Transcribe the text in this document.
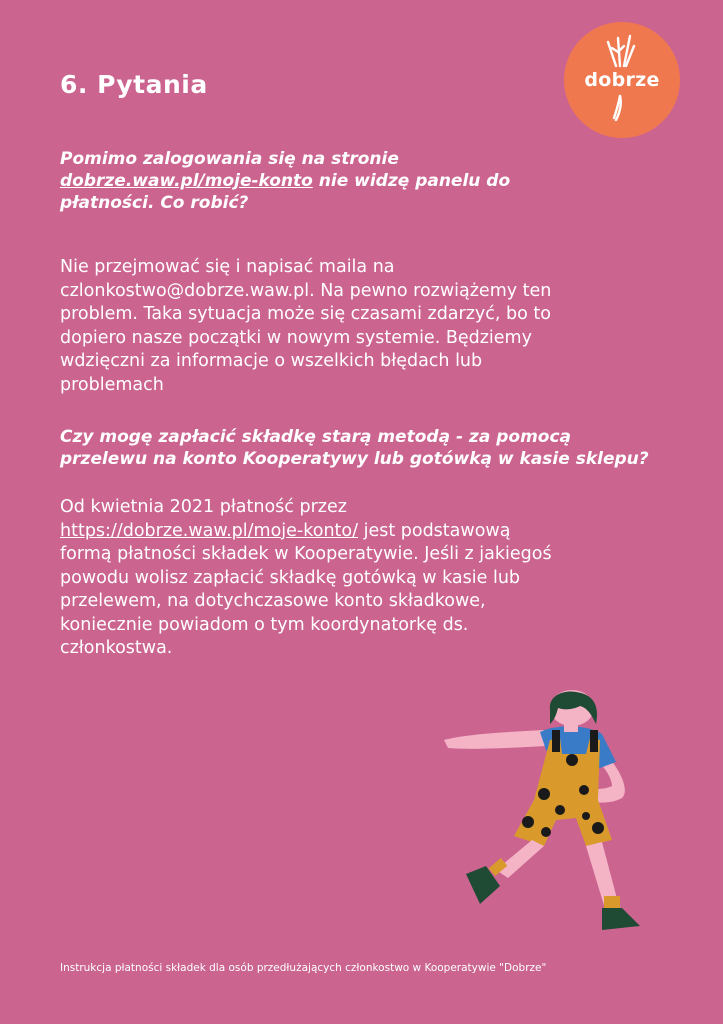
6. Pytania	dobrze
Pomimo zalogowania się na stronie
dobrze.waw.pl/moje-konto nie widzę panelu do
płatności. Co robić?
Nie przejmować się i napisać maila na
czlonkostwo@dobrze.waw.pl. Na pewno rozwiążemy ten
problem. Taka sytuacja może się czasami zdarzyć, bo to
dopiero nasze początki w nowym systemie. Będziemy
wdzięczni za informacje o wszelkich błędach lub
problemach
Czy mogę zapłacić składkę starą metodą - za pomocą
przelewu na konto Kooperatywy lub gotówką w kasie sklepu?
Od kwietnia 2021 płatność przez
https://dobrze.waw.pl/moje-konto/ jest podstawową
formą płatności składek w Kooperatywie. Jeśli z jakiegoś
powodu wolisz zapłacić składkę gotówką w kasie lub
przelewem, na dotychczasowe konto składkowe,
koniecznie powiadom o tym koordynatorkę ds.
członkostwa.
Instrukcja płatności składek dla osób przedłużających członkostwo w Kooperatywie "Dobrze"
